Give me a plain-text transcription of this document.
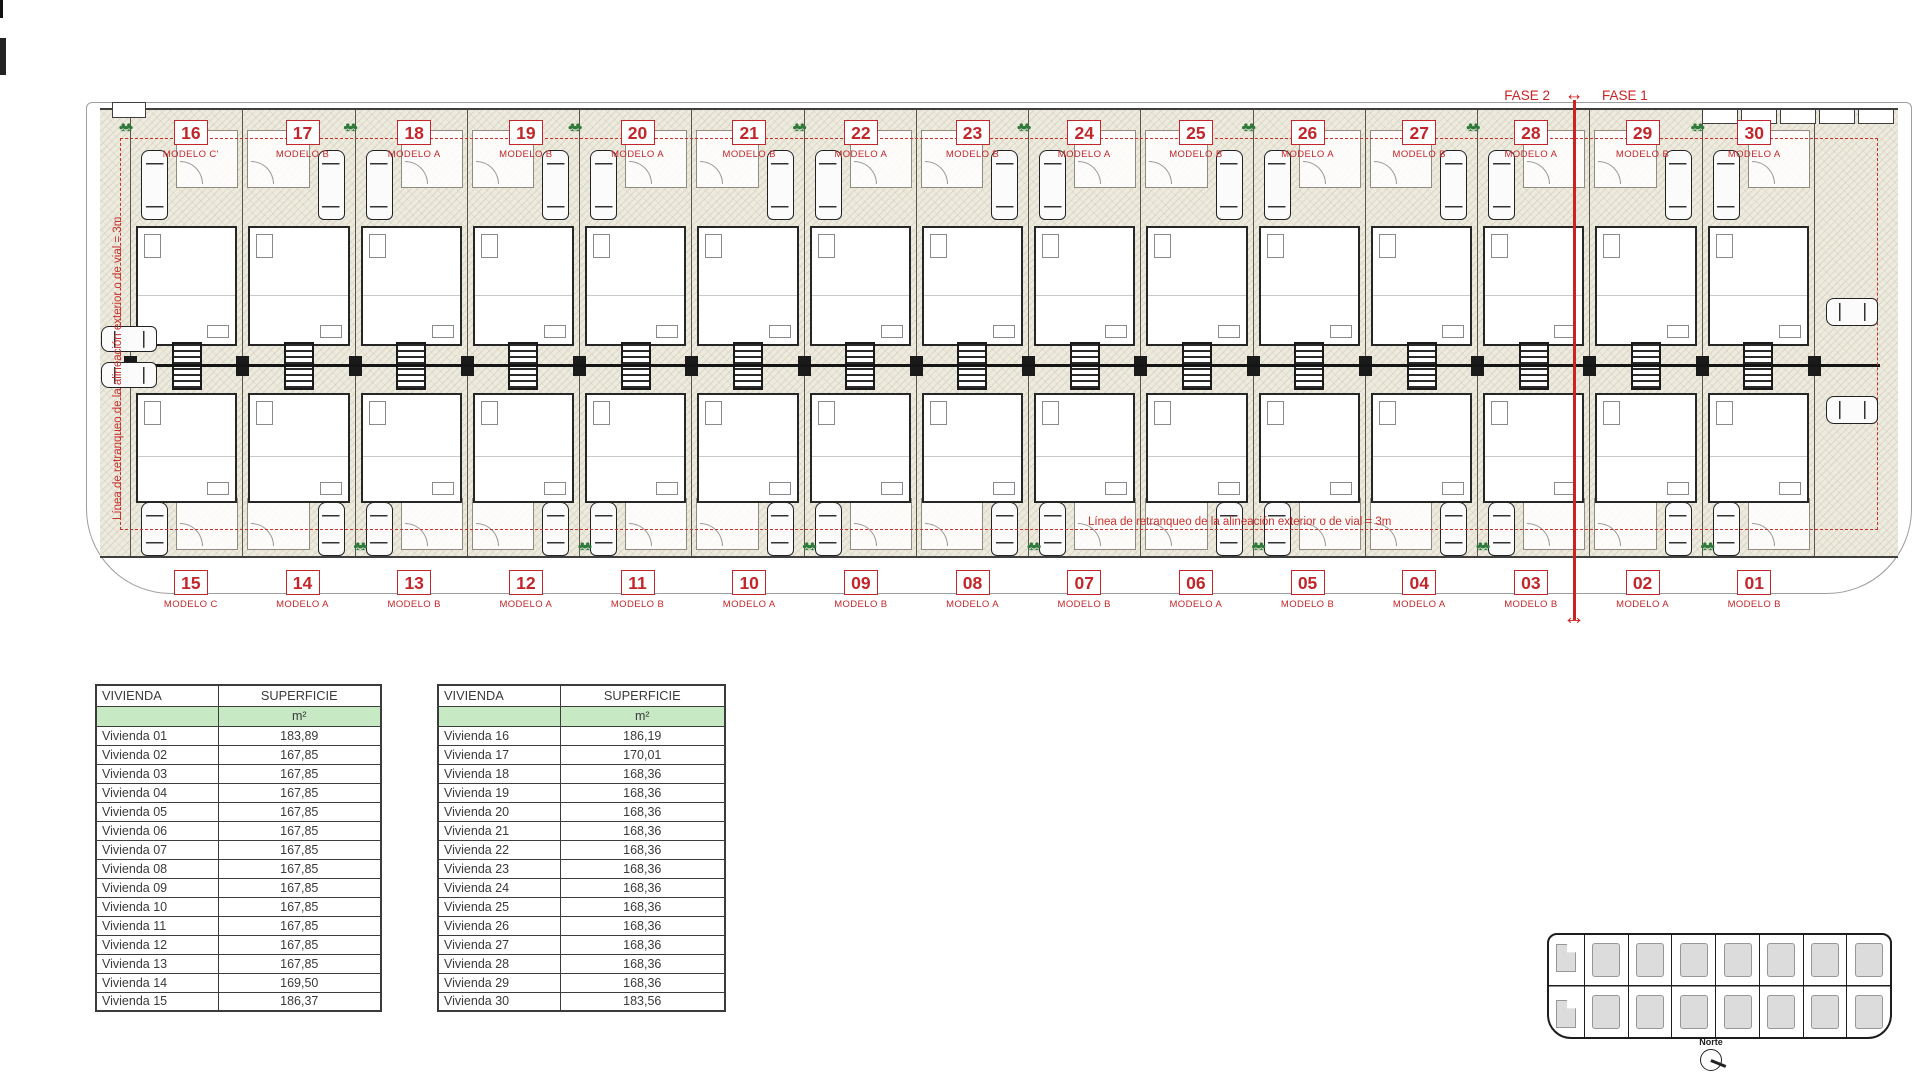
♣♣
♣♣
♣♣
♣♣
♣♣
♣♣
♣♣
♣♣
♣♣
♣♣
♣♣
♣♣
♣♣
♣♣
♣♣
16
MODELO C'
17
MODELO B
18
MODELO A
19
MODELO B
20
MODELO A
21
MODELO B
22
MODELO A
23
MODELO B
24
MODELO A
25
MODELO B
26
MODELO A
27
MODELO B
28
MODELO A
29
MODELO B
30
MODELO A
15
MODELO C
14
MODELO A
13
MODELO B
12
MODELO A
11
MODELO B
10
MODELO A
09
MODELO B
08
MODELO A
07
MODELO B
06
MODELO A
05
MODELO B
04
MODELO A
03
MODELO B
02
MODELO A
01
MODELO B
FASE 2 ↔	FASE 1
↔
Línea de retranqueo de la alineación exterior o de vial = 3m
Línea de retranqueo de la alineación exterior o de vial = 3m
VIVIENDA	SUPERFICIE
	m²
Vivienda 01	183,89
Vivienda 02	167,85
Vivienda 03	167,85
Vivienda 04	167,85
Vivienda 05	167,85
Vivienda 06	167,85
Vivienda 07	167,85
Vivienda 08	167,85
Vivienda 09	167,85
Vivienda 10	167,85
Vivienda 11	167,85
Vivienda 12	167,85
Vivienda 13	167,85
Vivienda 14	169,50
Vivienda 15	186,37
VIVIENDA	SUPERFICIE
	m²
Vivienda 16	186,19
Vivienda 17	170,01
Vivienda 18	168,36
Vivienda 19	168,36
Vivienda 20	168,36
Vivienda 21	168,36
Vivienda 22	168,36
Vivienda 23	168,36
Vivienda 24	168,36
Vivienda 25	168,36
Vivienda 26	168,36
Vivienda 27	168,36
Vivienda 28	168,36
Vivienda 29	168,36
Vivienda 30	183,56
Norte
